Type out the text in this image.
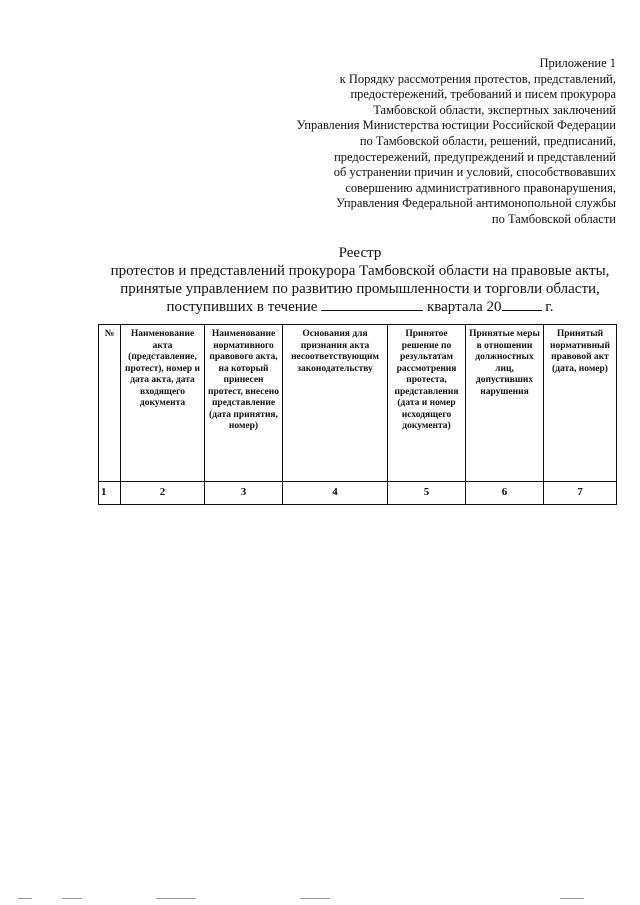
Приложение 1
к Порядку рассмотрения протестов, представлений,
предостережений, требований и писем прокурора
Тамбовской области, экспертных заключений
Управления Министерства юстиции Российской Федерации
по Тамбовской области, решений, предписаний,
предостережений, предупреждений и представлений
об устранении причин и условий, способствовавших
совершению административного правонарушения,
Управления Федеральной антимонопольной службы
по Тамбовской области
Реестр
протестов и представлений прокурора Тамбовской области на правовые акты,
принятые управлением по развитию промышленности и торговли области,
поступивших в течение	квартала 20	г.
№	Наименование акта (представление, протест), номер и дата акта, дата входящего документа	Наименование нормативного правового акта, на который принесен протест, внесено представление (дата принятия, номер)	Основания для признания акта несоответствующим законодательству	Принятое решение по результатам рассмотрения протеста, представления (дата и номер исходящего документа)	Принятые меры в отношении должностных лиц, допустивших нарушения	Принятый нормативный правовой акт (дата, номер)
1	2	3	4	5	6	7
